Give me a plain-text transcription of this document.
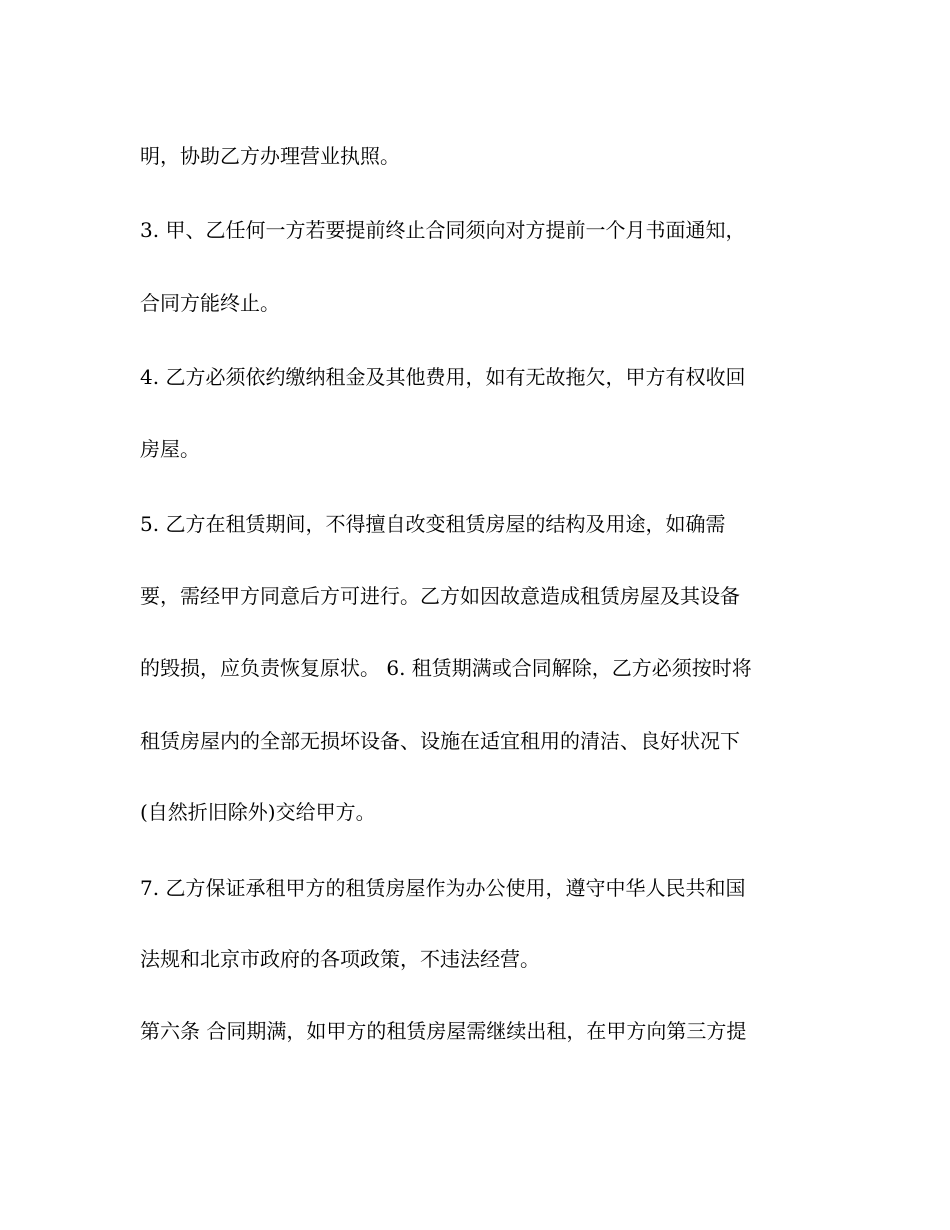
明，协助乙方办理营业执照。

3. 甲、乙任何一方若要提前终止合同须向对方提前一个月书面通知，

合同方能终止。

4. 乙方必须依约缴纳租金及其他费用，如有无故拖欠，甲方有权收回

房屋。

5. 乙方在租赁期间，不得擅自改变租赁房屋的结构及用途，如确需

要，需经甲方同意后方可进行。乙方如因故意造成租赁房屋及其设备

的毁损，应负责恢复原状。 6. 租赁期满或合同解除，乙方必须按时将

租赁房屋内的全部无损坏设备、设施在适宜租用的清洁、良好状况下

(自然折旧除外)交给甲方。

7. 乙方保证承租甲方的租赁房屋作为办公使用，遵守中华人民共和国

法规和北京市政府的各项政策，不违法经营。

第六条 合同期满，如甲方的租赁房屋需继续出租，在甲方向第三方提
